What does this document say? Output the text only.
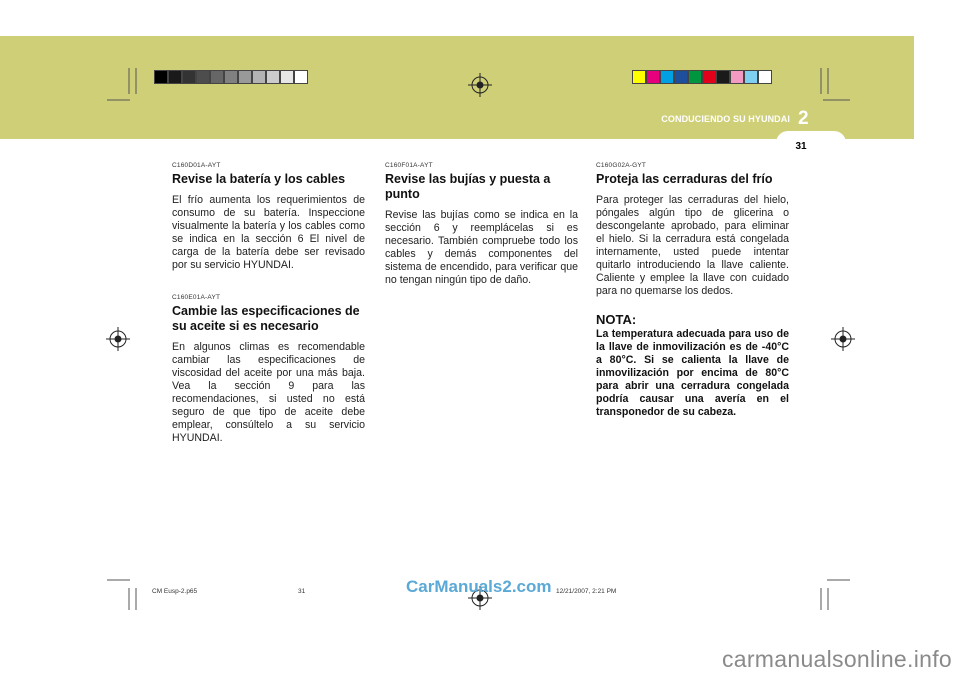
CONDUCIENDO SU HYUNDAI 2
31

C160D01A-AYT

Revise la batería y los cables

El frío aumenta los requerimientos de consumo de su batería. Inspeccione visualmente la batería y los cables como se indica en la sección 6 El nivel de carga de la batería debe ser revisado por su servicio HYUNDAI.

C160E01A-AYT

Cambie las especificaciones de su aceite si es necesario

En algunos climas es recomendable cambiar las especificaciones de viscosidad del aceite por una más baja. Vea la sección 9 para las recomendaciones, si usted no está seguro de que tipo de aceite debe emplear, consúltelo a su servicio HYUNDAI.

C160F01A-AYT

Revise las bujías y puesta a punto

Revise las bujías como se indica en la sección 6 y reemplácelas si es necesario. También compruebe todo los cables y demás componentes del sistema de encendido, para verificar que no tengan ningún tipo de daño.

C160G02A-GYT

Proteja las cerraduras del frío

Para proteger las cerraduras del hielo, póngales algún tipo de glicerina o descongelante aprobado, para eliminar el hielo. Si la cerradura está congelada internamente, usted puede intentar quitarlo introduciendo la llave caliente. Caliente y emplee la llave con cuidado para no quemarse los dedos.

NOTA:

La temperatura adecuada para uso de la llave de inmovilización es de -40°C a 80°C. Si se calienta la llave de inmovilización por encima de 80°C para abrir una cerradura congelada podría causar una avería en el transponedor de su cabeza.

CM Eusp-2.p65	31	12/21/2007, 2:21 PM
CarManuals2.com
carmanualsonline.info
